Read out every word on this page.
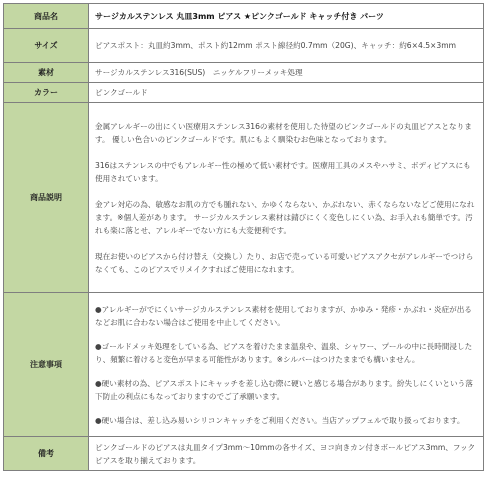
商品名	サージカルステンレス 丸皿3mm ピアス ★ピンクゴールド キャッチ付き パーツ
サイズ	ピアスポスト：丸皿約3mm、ポスト約12mm ポスト線径約0.7mm（20G)、キャッチ：約6×4.5×3mm
素材	サージカルステンレス316(SUS)　ニッケルフリーメッキ処理
カラー	ピンクゴールド
商品説明	金属アレルギーの出にくい医療用ステンレス316の素材を使用した待望のピンクゴールドの丸皿ピアスとなります。 優しい色合いのピンクゴールドです。肌にもよく馴染むお色味となっております。

316はステンレスの中でもアレルギー性の極めて低い素材です。医療用工具のメスやハサミ、ボディピアスにも使用されています。

金アレ対応の為、敏感なお肌の方でも腫れない、かゆくならない、かぶれない、赤くならないなどご使用になれます。※個人差があります。 サージカルステンレス素材は錆びにくく変色しにくい為、お手入れも簡単です。汚れも楽に落とせ、アレルギーでない方にも大変便利です。

現在お使いのピアスから付け替え（交換し）たり、お店で売っている可愛いピアスアクセがアレルギーでつけらなくても、このピアスでリメイクすればご使用になれます。

注意事項	●アレルギーがでにくいサージカルステンレス素材を使用しておりますが、かゆみ・発疹・かぶれ・炎症が出るなどお肌に合わない場合はご使用を中止してください。

●ゴールドメッキ処理をしている為、ピアスを着けたまま温泉や、温泉、シャワー、プールの中に長時間浸したり、頻繁に着けると変色が早まる可能性があります。※シルバーはつけたままでも構いません。

●硬い素材の為、ピアスポストにキャッチを差し込む際に硬いと感じる場合があります。紛失しにくいという落下防止の利点にもなっておりますのでご了承願います。

●硬い場合は、差し込み易いシリコンキャッチをご利用ください。当店アップフェルで取り扱っております。

備考	ピンクゴールドのピアスは丸皿タイプ3mm〜10mmの各サイズ、ヨコ向きカン付きボールピアス3mm、フックピアスを取り揃えております。
